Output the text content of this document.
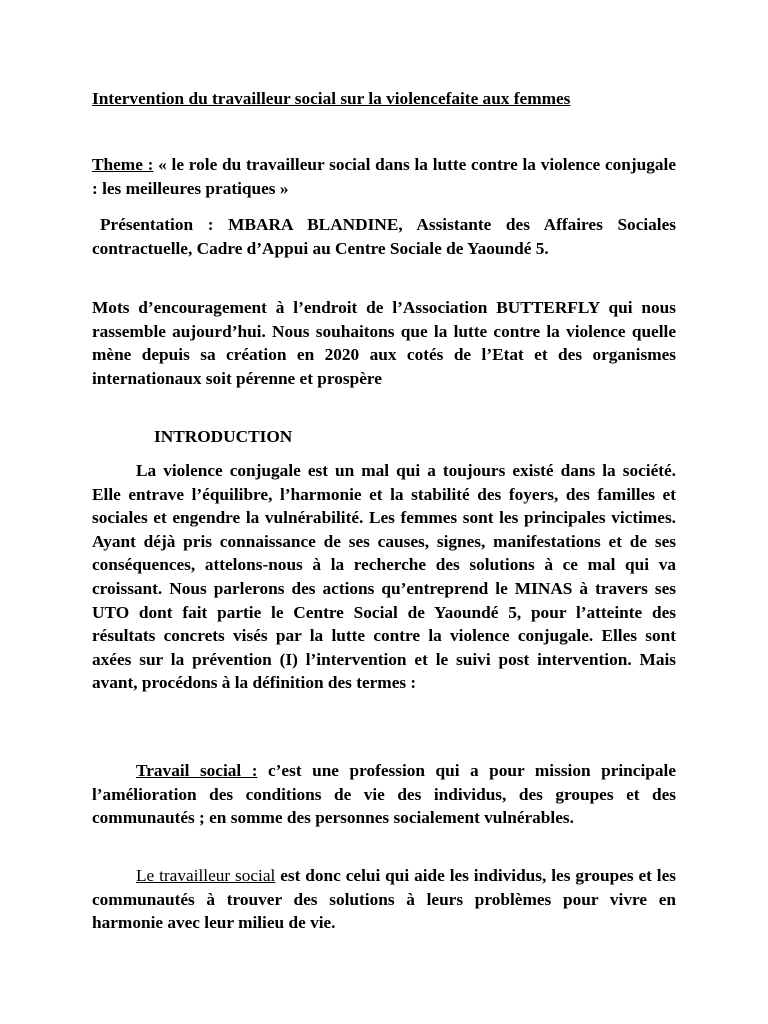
Intervention du travailleur social sur la violencefaite aux femmes
Theme : « le role du travailleur social dans la lutte contre la violence conjugale : les meilleures pratiques »
Présentation : MBARA BLANDINE, Assistante des Affaires Sociales contractuelle, Cadre d’Appui au Centre Sociale de Yaoundé 5.
Mots d’encouragement à l’endroit de l’Association BUTTERFLY qui nous rassemble aujourd’hui. Nous souhaitons que la lutte contre la violence quelle mène depuis sa création en 2020 aux cotés de l’Etat et des organismes internationaux soit pérenne et prospère
INTRODUCTION
La violence conjugale est un mal qui a toujours existé dans la société. Elle entrave l’équilibre, l’harmonie et la stabilité des foyers, des familles et sociales et engendre la vulnérabilité. Les femmes sont les principales victimes. Ayant déjà pris connaissance de ses causes, signes, manifestations et de ses conséquences, attelons-nous à la recherche des solutions à ce mal qui va croissant. Nous parlerons des actions qu’entreprend le MINAS à travers ses UTO dont fait partie le Centre Social de Yaoundé 5, pour l’atteinte des résultats concrets visés par la lutte contre la violence conjugale. Elles sont axées sur la prévention (I) l’intervention et le suivi post intervention. Mais avant, procédons à la définition des termes :
Travail social : c’est une profession qui a pour mission principale l’amélioration des conditions de vie des individus, des groupes et des communautés ; en somme des personnes socialement vulnérables.
Le travailleur social est donc celui qui aide les individus, les groupes et les communautés à trouver des solutions à leurs problèmes pour vivre en harmonie avec leur milieu de vie.
